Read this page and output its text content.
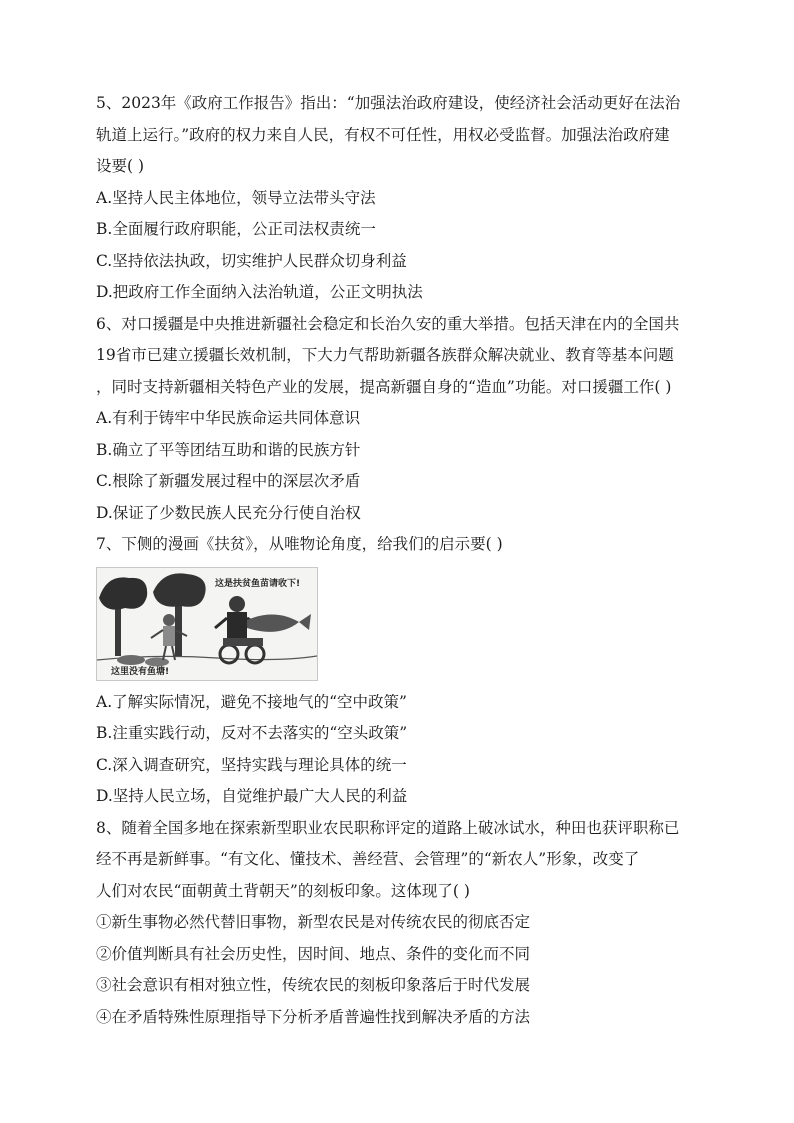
5、2023年《政府工作报告》指出：“加强法治政府建设，使经济社会活动更好在法治
轨道上运行。”政府的权力来自人民，有权不可任性，用权必受监督。加强法治政府建
设要( )
A.坚持人民主体地位，领导立法带头守法
B.全面履行政府职能，公正司法权责统一
C.坚持依法执政，切实维护人民群众切身利益
D.把政府工作全面纳入法治轨道，公正文明执法
6、对口援疆是中央推进新疆社会稳定和长治久安的重大举措。包括天津在内的全国共
19省市已建立援疆长效机制，下大力气帮助新疆各族群众解决就业、教育等基本问题
，同时支持新疆相关特色产业的发展，提高新疆自身的“造血”功能。对口援疆工作( )
A.有利于铸牢中华民族命运共同体意识
B.确立了平等团结互助和谐的民族方针
C.根除了新疆发展过程中的深层次矛盾
D.保证了少数民族人民充分行使自治权
7、下侧的漫画《扶贫》，从唯物论角度，给我们的启示要( )
这是扶贫鱼苗请收下!
这里没有鱼塘!
A.了解实际情况，避免不接地气的“空中政策”
B.注重实践行动，反对不去落实的“空头政策”
C.深入调查研究，坚持实践与理论具体的统一
D.坚持人民立场，自觉维护最广大人民的利益
8、随着全国多地在探索新型职业农民职称评定的道路上破冰试水，种田也获评职称已
经不再是新鲜事。“有文化、懂技术、善经营、会管理”的“新农人”形象，改变了
人们对农民“面朝黄土背朝天”的刻板印象。这体现了( )
①新生事物必然代替旧事物，新型农民是对传统农民的彻底否定
②价值判断具有社会历史性，因时间、地点、条件的变化而不同
③社会意识有相对独立性，传统农民的刻板印象落后于时代发展
④在矛盾特殊性原理指导下分析矛盾普遍性找到解决矛盾的方法
